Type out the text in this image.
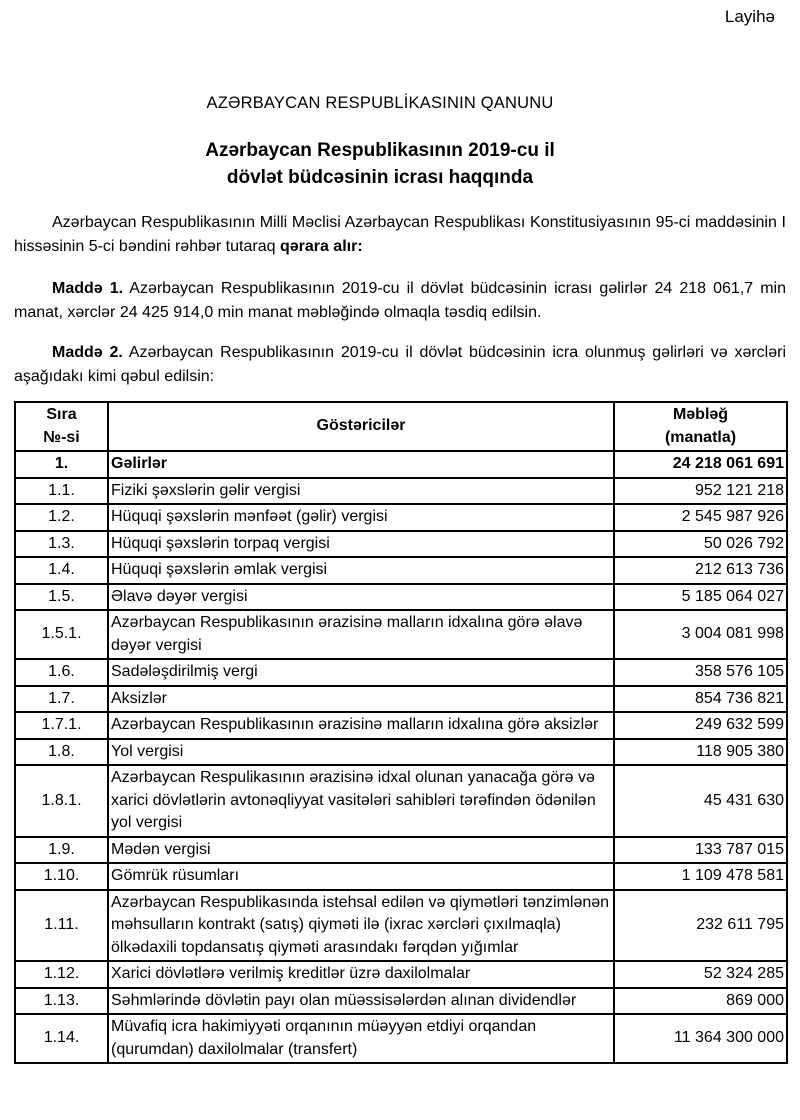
Layihə
AZƏRBAYCAN RESPUBLİKASININ QANUNU
Azərbaycan Respublikasının 2019-cu il
dövlət büdcəsinin icrası haqqında

Azərbaycan Respublikasının Milli Məclisi Azərbaycan Respublikası Konstitusiyasının 95-ci maddəsinin I hissəsinin 5-ci bəndini rəhbər tutaraq qərara alır:

Maddə 1. Azərbaycan Respublikasının 2019-cu il dövlət büdcəsinin icrası gəlirlər 24 218 061,7 min manat, xərclər 24 425 914,0 min manat məbləğində olmaqla təsdiq edilsin.

Maddə 2. Azərbaycan Respublikasının 2019-cu il dövlət büdcəsinin icra olunmuş gəlirləri və xərcləri aşağıdakı kimi qəbul edilsin:

Sıra
№-si	Göstəricilər	Məbləğ
(manatla)
1.	Gəlirlər	24 218 061 691
1.1.	Fiziki şəxslərin gəlir vergisi	952 121 218
1.2.	Hüquqi şəxslərin mənfəət (gəlir) vergisi	2 545 987 926
1.3.	Hüquqi şəxslərin torpaq vergisi	50 026 792
1.4.	Hüquqi şəxslərin əmlak vergisi	212 613 736
1.5.	Əlavə dəyər vergisi	5 185 064 027
1.5.1.	Azərbaycan Respublikasının ərazisinə malların idxalına görə əlavə dəyər vergisi	3 004 081 998
1.6.	Sadələşdirilmiş vergi	358 576 105
1.7.	Aksizlər	854 736 821
1.7.1.	Azərbaycan Respublikasının ərazisinə malların idxalına görə aksizlər	249 632 599
1.8.	Yol vergisi	118 905 380
1.8.1.	Azərbaycan Respulikasının ərazisinə idxal olunan yanacağa görə və xarici dövlətlərin avtonəqliyyat vasitələri sahibləri tərəfindən ödənilən yol vergisi	45 431 630
1.9.	Mədən vergisi	133 787 015
1.10.	Gömrük rüsumları	1 109 478 581
1.11.	Azərbaycan Respublikasında istehsal edilən və qiymətləri tənzimlənən məhsulların kontrakt (satış) qiyməti ilə (ixrac xərcləri çıxılmaqla) ölkədaxili topdansatış qiyməti arasındakı fərqdən yığımlar	232 611 795
1.12.	Xarici dövlətlərə verilmiş kreditlər üzrə daxilolmalar	52 324 285
1.13.	Səhmlərində dövlətin payı olan müəssisələrdən alınan dividendlər	869 000
1.14.	Müvafiq icra hakimiyyəti orqanının müəyyən etdiyi orqandan (qurumdan) daxilolmalar (transfert)	11 364 300 000
